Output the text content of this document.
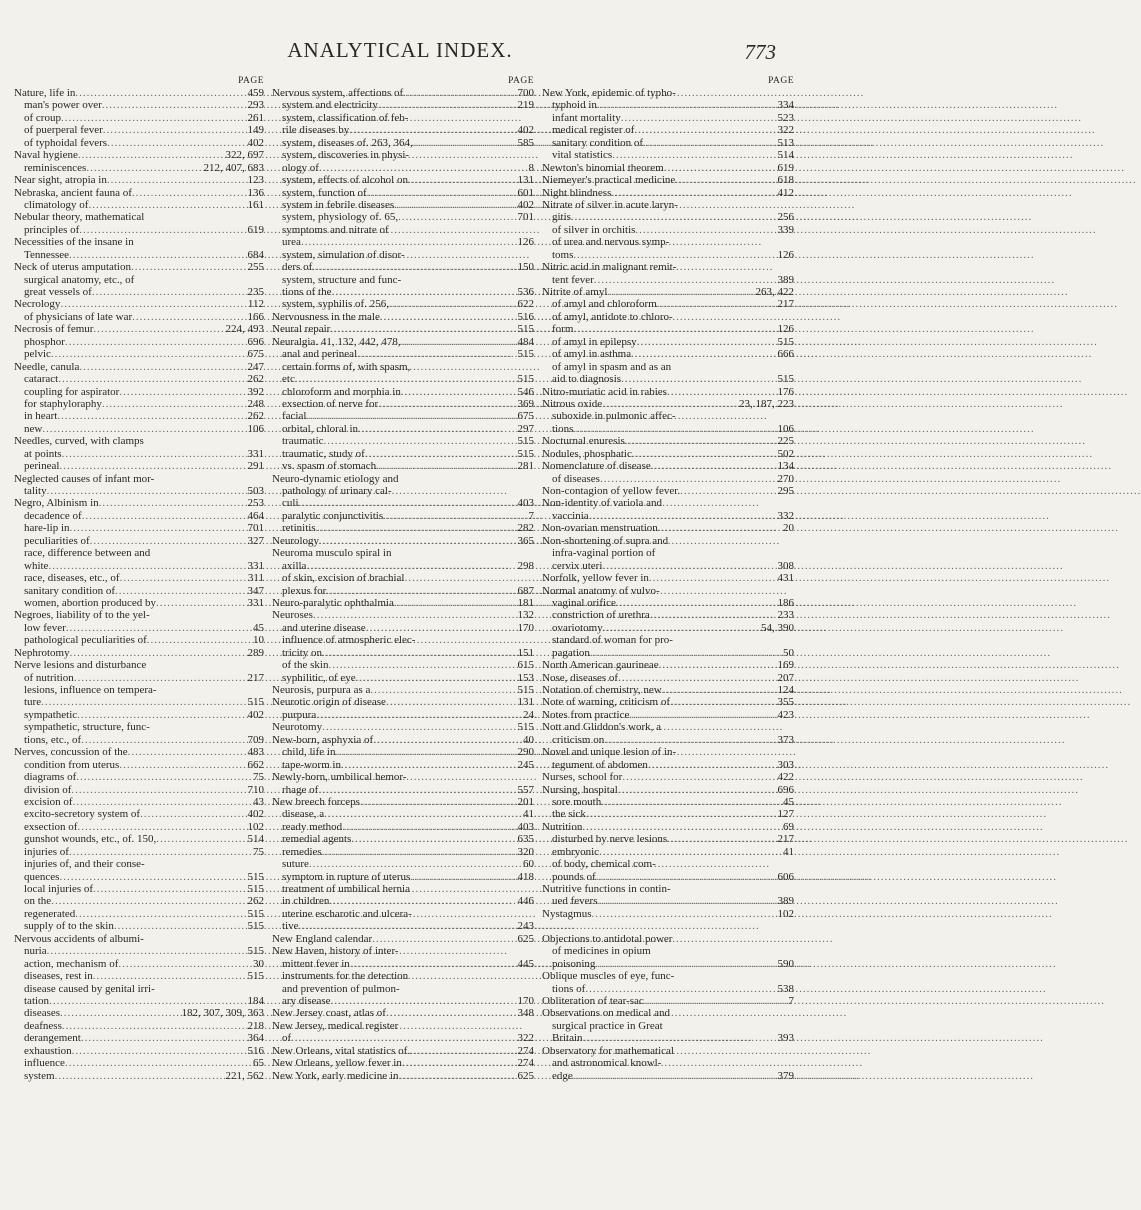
ANALYTICAL INDEX.	773
PAGE
Nature, life in .....	459
man's power over .....	293
of croup .....	261
of puerperal fever .....	149
of typhoidal fevers .....	402
Naval hygiene .....	322, 697
reminiscences .....	212, 407, 683
Near sight, atropia in .....	123
Nebraska, ancient fauna of .....	136
climatology of .....	161
Nebular theory, mathematical
principles of .....	619
Necessities of the insane in
Tennessee .....	684
Neck of uterus amputation .....	255
surgical anatomy, etc., of
great vessels of .....	235
Necrology .....	112
of physicians of late war .....	166
Necrosis of femur .....	224, 493
phosphor .....	696
pelvic .....	675
Needle, canula .....	247
cataract .....	262
coupling for aspirator .....	392
for staphyloraphy .....	248
in heart .....	262
new .....	106
Needles, curved, with clamps
at points .....	331
perineal .....	291
Neglected causes of infant mor-
tality .....	503
Negro, Albinism in .....	253
decadence of .....	464
hare-lip in .....	701
peculiarities of .....	327
race, difference between and
white .....	331
race, diseases, etc., of .....	311
sanitary condition of .....	347
women, abortion produced by .....	331
Negroes, liability of to the yel-
low fever .....	45
pathological peculiarities of .....	10
Nephrotomy .....	289
Nerve lesions and disturbance
of nutrition .....	217
lesions, influence on tempera-
ture .....	515
sympathetic .....	402
sympathetic, structure, func-
tions, etc., of .....	709
Nerves, concussion of the .....	483
condition from uterus .....	662
diagrams of .....	75
division of .....	710
excision of .....	43
excito-secretory system of .....	402
exsection of .....	102
gunshot wounds, etc., of. 150, .....	514
injuries of .....	75
injuries of, and their conse-
quences .....	515
local injuries of .....	515
on the .....	262
regenerated .....	515
supply of to the skin .....	515
Nervous accidents of albumi-
nuria .....	515
action, mechanism of .....	30
diseases, rest in .....	515
disease caused by genital irri-
tation .....	184
diseases .....	182, 307, 309, 363
deafness .....	218
derangement .....	364
exhaustion .....	516
influence .....	65
system .....	221, 562
PAGE
Nervous system, affections of .....	700
system and electricity .....	219
system, classification of feb-
rile diseases by .....	402
system, diseases of. 263, 364, .....	585
system, discoveries in physi-
ology of .....	8
system, effects of alcohol on .....	131
system, function of .....	601
system in febrile diseases .....	402
system, physiology of. 65, .....	701
symptoms and nitrate of
urea .....	126
system, simulation of disor-
ders of .....	150
system, structure and func-
tions of the .....	536
system, syphilis of. 256, .....	622
Nervousness in the male .....	516
Neural repair .....	515
Neuralgia. 41, 132, 442, 478, .....	484
anal and perineal .....	515
certain forms of, with spasm,
etc .....	515
chloroform and morphia in .....	546
exsection of nerve for .....	369
facial .....	675
orbital, chloral in .....	297
traumatic .....	515
traumatic, study of .....	515
vs. spasm of stomach .....	281
Neuro-dynamic etiology and
pathology of urinary cal-
culi .....	403
paralytic conjunctivitis .....	7
retinitis .....	282
Neurology .....	365
Neuroma musculo spiral in
axilla .....	298
of skin, excision of brachial
plexus for .....	687
Neuro-paralytic ophthalmia .....	181
Neuroses .....	132
and uterine disease .....	170
influence of atmospheric elec-
tricity on .....	151
of the skin .....	615
syphilitic, of eye .....	153
Neurosis, purpura as a .....	515
Neurotic origin of disease .....	131
purpura .....	24
Neurotomy .....	515
New-born, asphyxia of .....	40
child, life in .....	290
tape-worm in .....	245
Newly-born, umbilical hemor-
rhage of .....	557
New breech forceps .....	201
disease, a .....	41
ready method .....	403
remedial agents .....	635
remedies .....	320
suture .....	60
symptom in rupture of uterus .....	418
treatment of umbilical hernia
in children .....	446
uterine escharotic and ulcera-
tive .....	243
New England calendar .....	625
New Haven, history of inter-
mittent fever in .....	445
instruments for the detection
and prevention of pulmon-
ary disease .....	170
New Jersey coast, atlas of .....	348
New Jersey, medical register
of .....	322
New Orleans, vital statistics of. .....	274
New Orleans, yellow fever in .....	274
New York, early medicine in .....	625
PAGE
New York, epidemic of typho-
typhoid in .....	334
infant mortality .....	523
medical register of .....	322
sanitary condition of .....	513
vital statistics .....	514
Newton's binomial theorem .....	619
Niemeyer's practical medicine .....	618
Night blindness .....	412
Nitrate of silver in acute laryn-
gitis .....	256
of silver in orchitis .....	339
of urea and nervous symp-
toms .....	126
Nitric acid in malignant remit-
tent fever .....	389
Nitrite of amyl .....	263, 422
of amyl and chloroform .....	217
of amyl, antidote to chloro-
form .....	126
of amyl in epilepsy .....	515
of amyl in asthma .....	666
of amyl in spasm and as an
aid to diagnosis .....	515
Nitro-muriatic acid in rabies .....	176
Nitrous oxide .....	23, 187, 223
suboxide in pulmonic affec-
tions .....	106
Nocturnal enuresis .....	225
Nodules, phosphatic .....	502
Nomenclature of disease .....	134
of diseases .....	270
Non-contagion of yellow fever. .....	295
Non-identity of variola and
vaccinia .....	332
Non-ovarian menstruation .....	20
Non-shortening of supra and
infra-vaginal portion of
cervix uteri .....	308
Norfolk, yellow fever in .....	431
Normal anatomy of vulvo-
vaginal orifice .....	186
constriction of urethra .....	233
ovariotomy .....	54, 390
standard of woman for pro-
pagation .....	50
North American gaurineae .....	169
Nose, diseases of .....	207
Notation of chemistry, new .....	124
Note of warning, criticism of .....	355
Notes from practice .....	423
Nott and Gliddon's work, a
criticism on .....	373
Novel and unique lesion of in-
tegument of abdomen .....	303
Nurses, school for .....	422
Nursing, hospital .....	696
sore mouth .....	45
the sick .....	127
Nutrition .....	69
disturbed by nerve lesions .....	217
embryonic .....	41
of body, chemical com-
pounds of .....	606
Nutritive functions in contin-
ued fevers .....	389
Nystagmus .....	102
Objections to antidotal power
of medicines in opium
poisoning .....	590
Oblique muscles of eye, func-
tions of .....	538
Obliteration of tear-sac .....	7
Observations on medical and
surgical practice in Great
Britain .....	393
Observatory for mathematical
and astronomical knowl-
edge .....	379
